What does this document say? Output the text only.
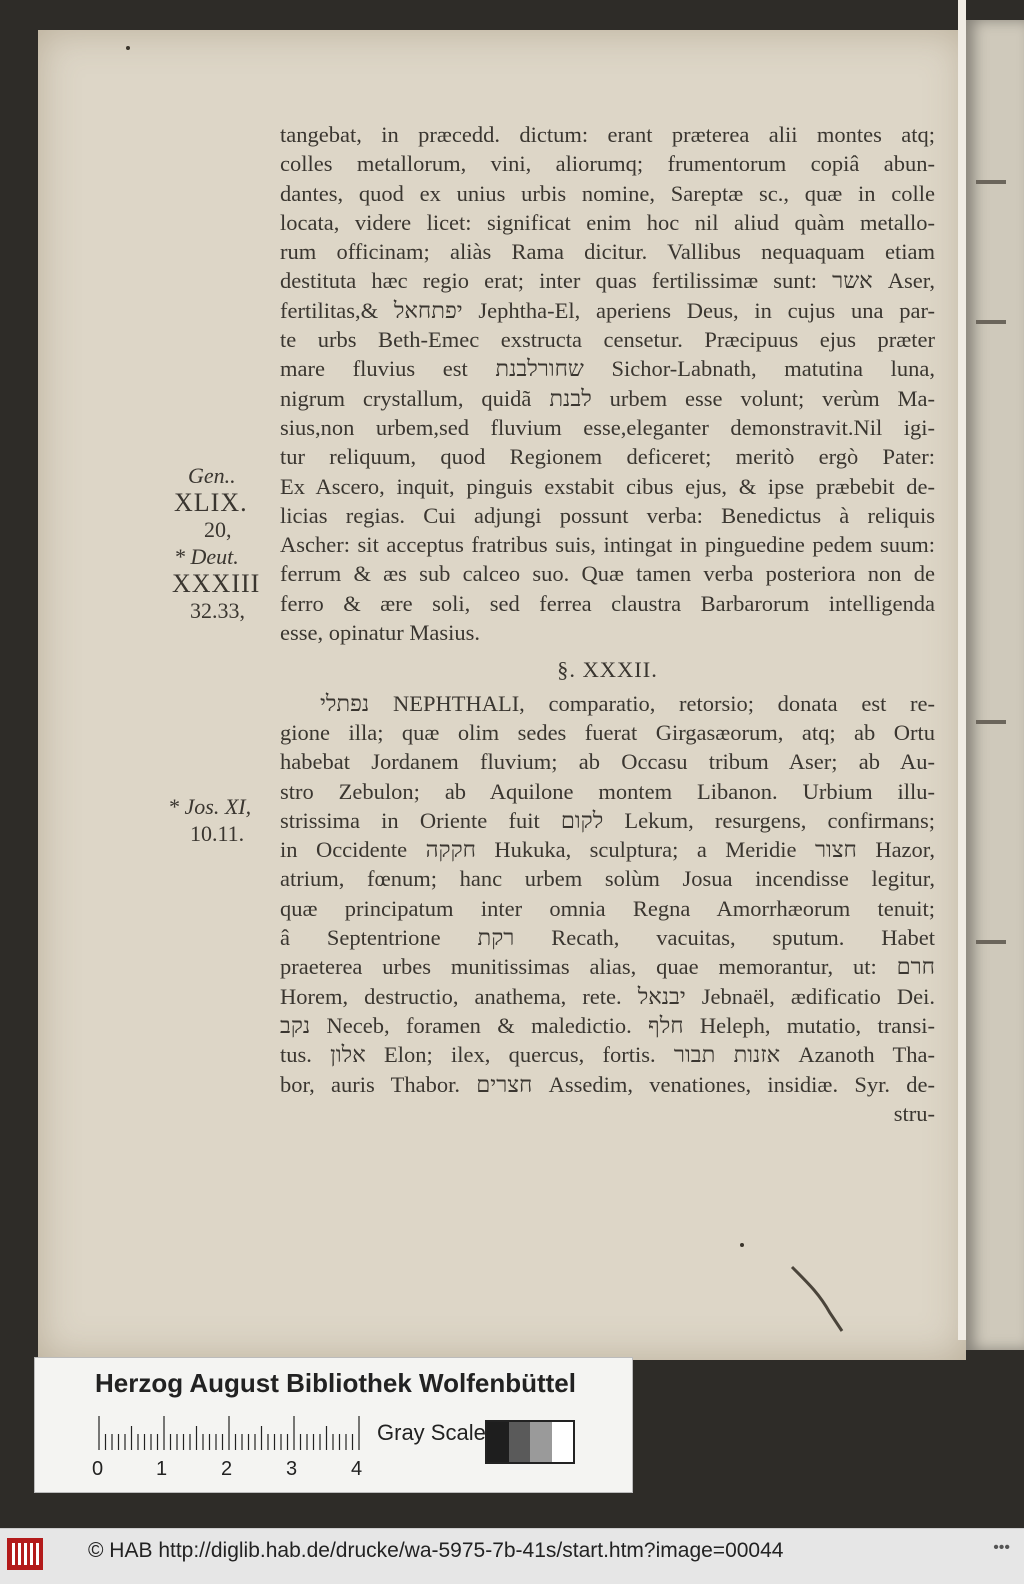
Gen..
XLIX.
20,
* Deut.
XXXIII
32.33,
* Jos. XI,
10.11.
tangebat, in præcedd. dictum: erant præterea alii montes atq;
colles metallorum, vini, aliorumq; frumentorum copiâ abun-
dantes, quod ex unius urbis nomine, Sareptæ sc., quæ in colle
locata, videre licet: significat enim hoc nil aliud quàm metallo-
rum officinam; aliàs Rama dicitur. Vallibus nequaquam etiam
destituta hæc regio erat; inter quas fertilissimæ sunt: אשר Aser,
fertilitas,& יפתחאל Jephtha-El, aperiens Deus, in cujus una par-
te urbs Beth-Emec exstructa censetur. Præcipuus ejus præter
mare fluvius est שחורלבנת Sichor-Labnath, matutina luna,
nigrum crystallum, quidã לבנת urbem esse volunt; verùm Ma-
sius,non urbem,sed fluvium esse,eleganter demonstravit.Nil igi-
tur reliquum, quod Regionem deficeret; meritò ergò Pater:
Ex Ascero, inquit, pinguis exstabit cibus ejus, & ipse præbebit de-
licias regias. Cui adjungi possunt verba: Benedictus à reliquis
Ascher: sit acceptus fratribus suis, intingat in pinguedine pedem suum:
ferrum & æs sub calceo suo. Quæ tamen verba posteriora non de
ferro & ære soli, sed ferrea claustra Barbarorum intelligenda
esse, opinatur Masius.
§. XXXII.
נפתלי NEPHTHALI, comparatio, retorsio; donata est re-
gione illa; quæ olim sedes fuerat Girgasæorum, atq; ab Ortu
habebat Jordanem fluvium; ab Occasu tribum Aser; ab Au-
stro Zebulon; ab Aquilone montem Libanon. Urbium illu-
strissima in Oriente fuit לקום Lekum, resurgens, confirmans;
in Occidente חקקה Hukuka, sculptura; a Meridie חצור Hazor,
atrium, fœnum; hanc urbem solùm Josua incendisse legitur,
quæ principatum inter omnia Regna Amorrhæorum tenuit;
â Septentrione רקת Recath, vacuitas, sputum. Habet
praeterea urbes munitissimas alias, quae memorantur, ut: חרם
Horem, destructio, anathema, rete. יבנאל Jebnaël, ædificatio Dei.
נקב Neceb, foramen & maledictio. חלף Heleph, mutatio, transi-
tus. אלון Elon; ilex, quercus, fortis. אזנות תבור Azanoth Tha-
bor, auris Thabor. חצרים Assedim, venationes, insidiæ. Syr. de-
stru-
Herzog August Bibliothek Wolfenbüttel
0	1	2	3	4
Gray Scale
© HAB http://diglib.hab.de/drucke/wa-5975-7b-41s/start.htm?image=00044	•••
